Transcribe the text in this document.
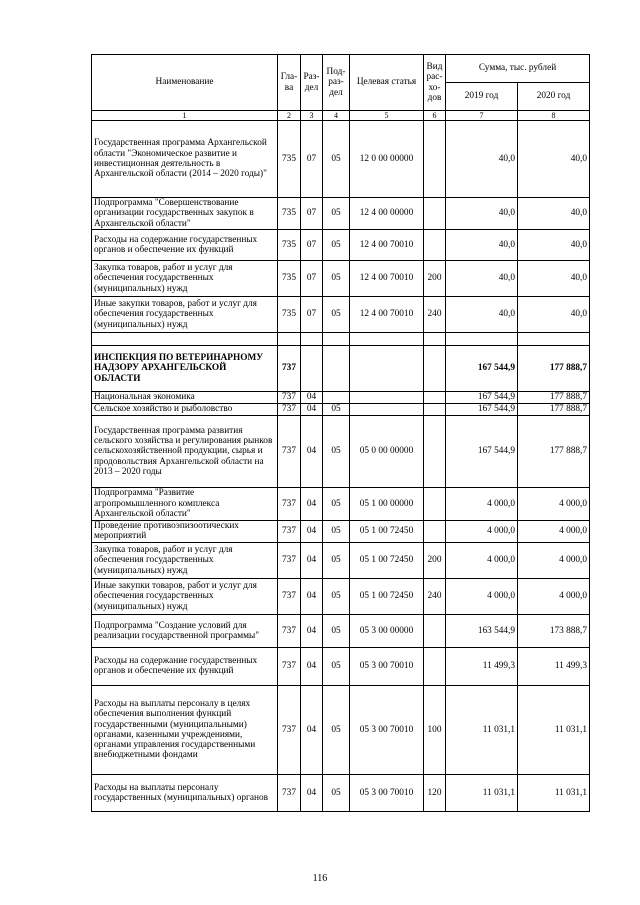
Наименование	Гла-ва	Раз-дел	Под-раз-дел	Целевая статья	Вид рас-хо-дов	Сумма, тыс. рублей	
						2019 год	2020 год
1	2	3	4	5	6	7	8
Государственная программа Архангельской области "Экономическое развитие и инвестиционная деятельность в Архангельской области (2014 – 2020 годы)"	735	07	05	12 0 00 00000		40,0	40,0
Подпрограмма "Совершенствование организации государственных закупок в Архангельской области"	735	07	05	12 4 00 00000		40,0	40,0
Расходы на содержание государственных органов и обеспечение их функций	735	07	05	12 4 00 70010		40,0	40,0
Закупка товаров, работ и услуг для обеспечения государственных (муниципальных) нужд	735	07	05	12 4 00 70010	200	40,0	40,0
Иные закупки товаров, работ и услуг для обеспечения государственных (муниципальных) нужд	735	07	05	12 4 00 70010	240	40,0	40,0

ИНСПЕКЦИЯ ПО ВЕТЕРИНАРНОМУ НАДЗОРУ АРХАНГЕЛЬСКОЙ ОБЛАСТИ	737					167 544,9	177 888,7
Национальная экономика	737	04				167 544,9	177 888,7
Сельское хозяйство и рыболовство	737	04	05			167 544,9	177 888,7
Государственная программа развития сельского хозяйства и регулирования рынков сельскохозяйственной продукции, сырья и продовольствия Архангельской области на 2013 – 2020 годы	737	04	05	05 0 00 00000		167 544,9	177 888,7
Подпрограмма "Развитие агропромышленного комплекса Архангельской области"	737	04	05	05 1 00 00000		4 000,0	4 000,0
Проведение противоэпизоотических мероприятий	737	04	05	05 1 00 72450		4 000,0	4 000,0
Закупка товаров, работ и услуг для обеспечения государственных (муниципальных) нужд	737	04	05	05 1 00 72450	200	4 000,0	4 000,0
Иные закупки товаров, работ и услуг для обеспечения государственных (муниципальных) нужд	737	04	05	05 1 00 72450	240	4 000,0	4 000,0
Подпрограмма "Создание условий для реализации государственной программы"	737	04	05	05 3 00 00000		163 544,9	173 888,7
Расходы на содержание государственных органов и обеспечение их функций	737	04	05	05 3 00 70010		11 499,3	11 499,3
Расходы на выплаты персоналу в целях обеспечения выполнения функций государственными (муниципальными) органами, казенными учреждениями, органами управления государственными внебюджетными фондами	737	04	05	05 3 00 70010	100	11 031,1	11 031,1
Расходы на выплаты персоналу государственных (муниципальных) органов	737	04	05	05 3 00 70010	120	11 031,1	11 031,1
116
